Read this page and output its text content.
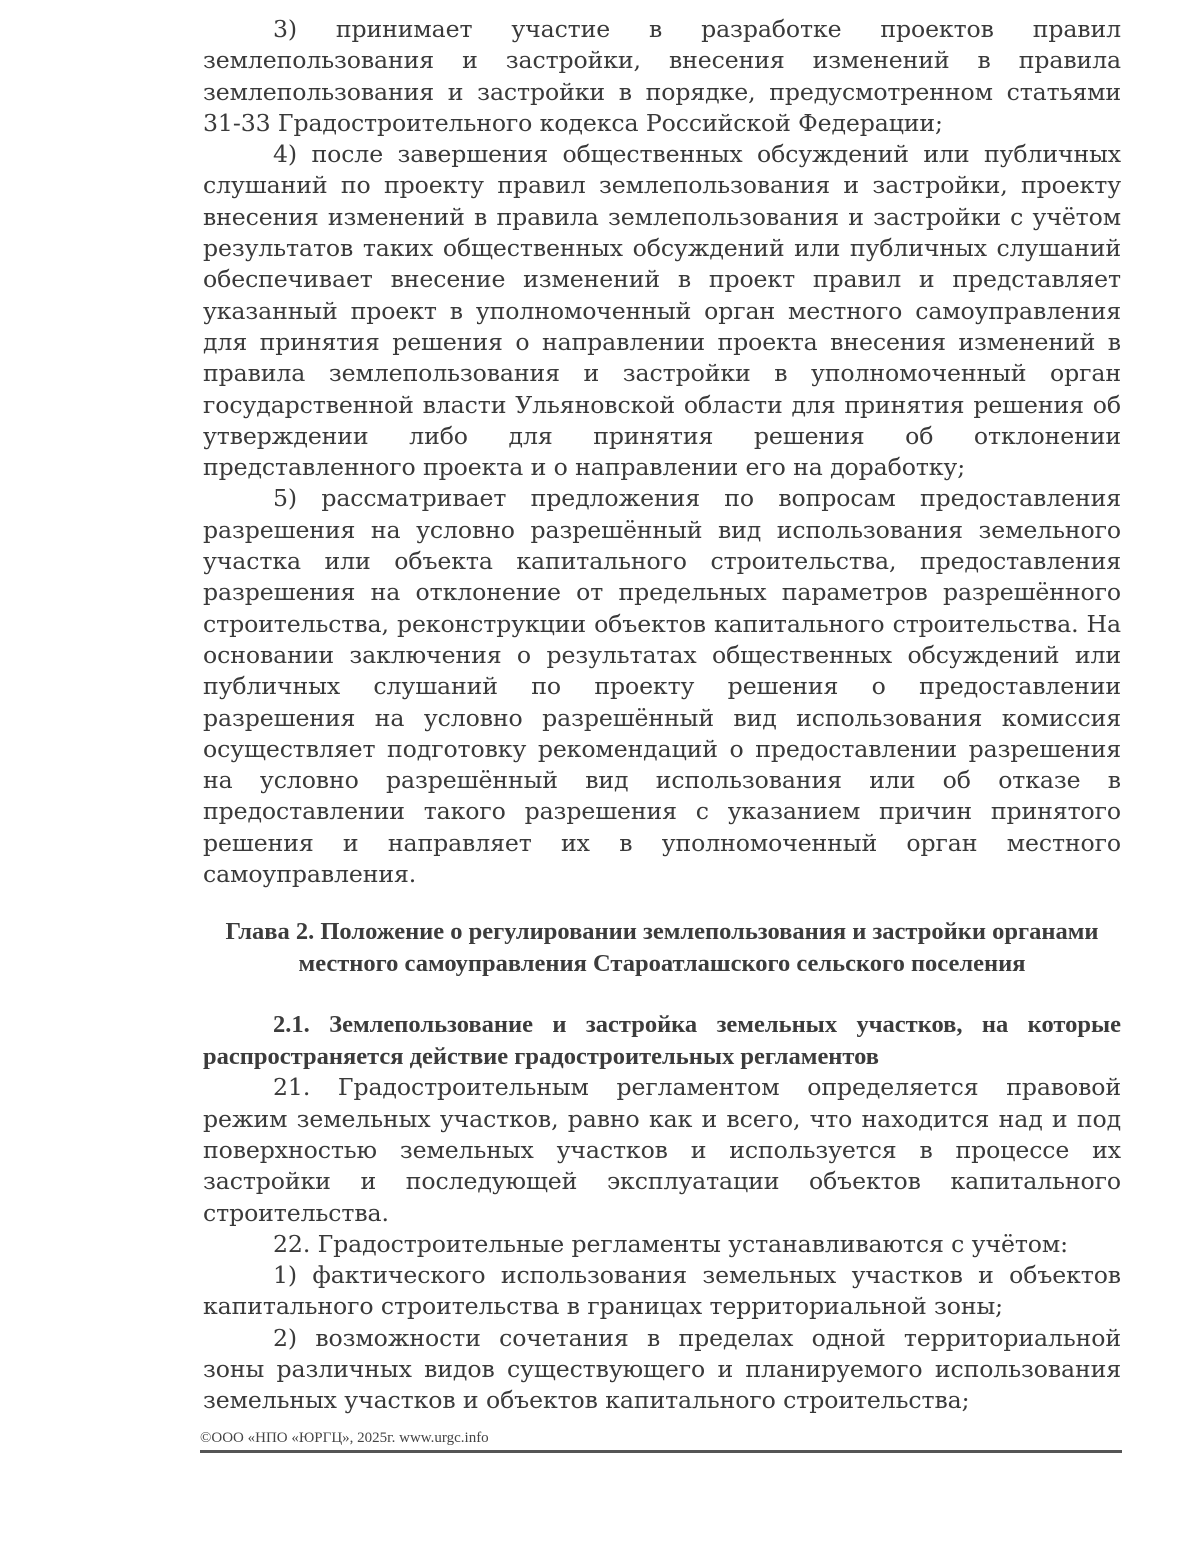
3) принимает участие в разработке проектов правил землепользования и застройки, внесения изменений в правила землепользования и застройки в порядке, предусмотренном статьями 31-33 Градостроительного кодекса Российской Федерации;

4) после завершения общественных обсуждений или публичных слушаний по проекту правил землепользования и застройки, проекту внесения изменений в правила землепользования и застройки с учётом результатов таких общественных обсуждений или публичных слушаний обеспечивает внесение изменений в проект правил и представляет указанный проект в уполномоченный орган местного самоуправления для принятия решения о направлении проекта внесения изменений в правила землепользования и застройки в уполномоченный орган государственной власти Ульяновской области для принятия решения об утверждении либо для принятия решения об отклонении представленного проекта и о направлении его на доработку;

5) рассматривает предложения по вопросам предоставления разрешения на условно разрешённый вид использования земельного участка или объекта капитального строительства, предоставления разрешения на отклонение от предельных параметров разрешённого строительства, реконструкции объектов капитального строительства. На основании заключения о результатах общественных обсуждений или публичных слушаний по проекту решения о предоставлении разрешения на условно разрешённый вид использования комиссия осуществляет подготовку рекомендаций о предоставлении разрешения на условно разрешённый вид использования или об отказе в предоставлении такого разрешения с указанием причин принятого решения и направляет их в уполномоченный орган местного самоуправления.

Глава 2. Положение о регулировании землепользования и застройки органами местного самоуправления Староатлашского сельского поселения
2.1. Землепользование и застройка земельных участков, на которые распространяется действие градостроительных регламентов

21. Градостроительным регламентом определяется правовой режим земельных участков, равно как и всего, что находится над и под поверхностью земельных участков и используется в процессе их застройки и последующей эксплуатации объектов капитального строительства.

22. Градостроительные регламенты устанавливаются с учётом:

1) фактического использования земельных участков и объектов капитального строительства в границах территориальной зоны;

2) возможности сочетания в пределах одной территориальной зоны различных видов существующего и планируемого использования земельных участков и объектов капитального строительства;

©ООО «НПО «ЮРГЦ», 2025г. www.urgc.info
